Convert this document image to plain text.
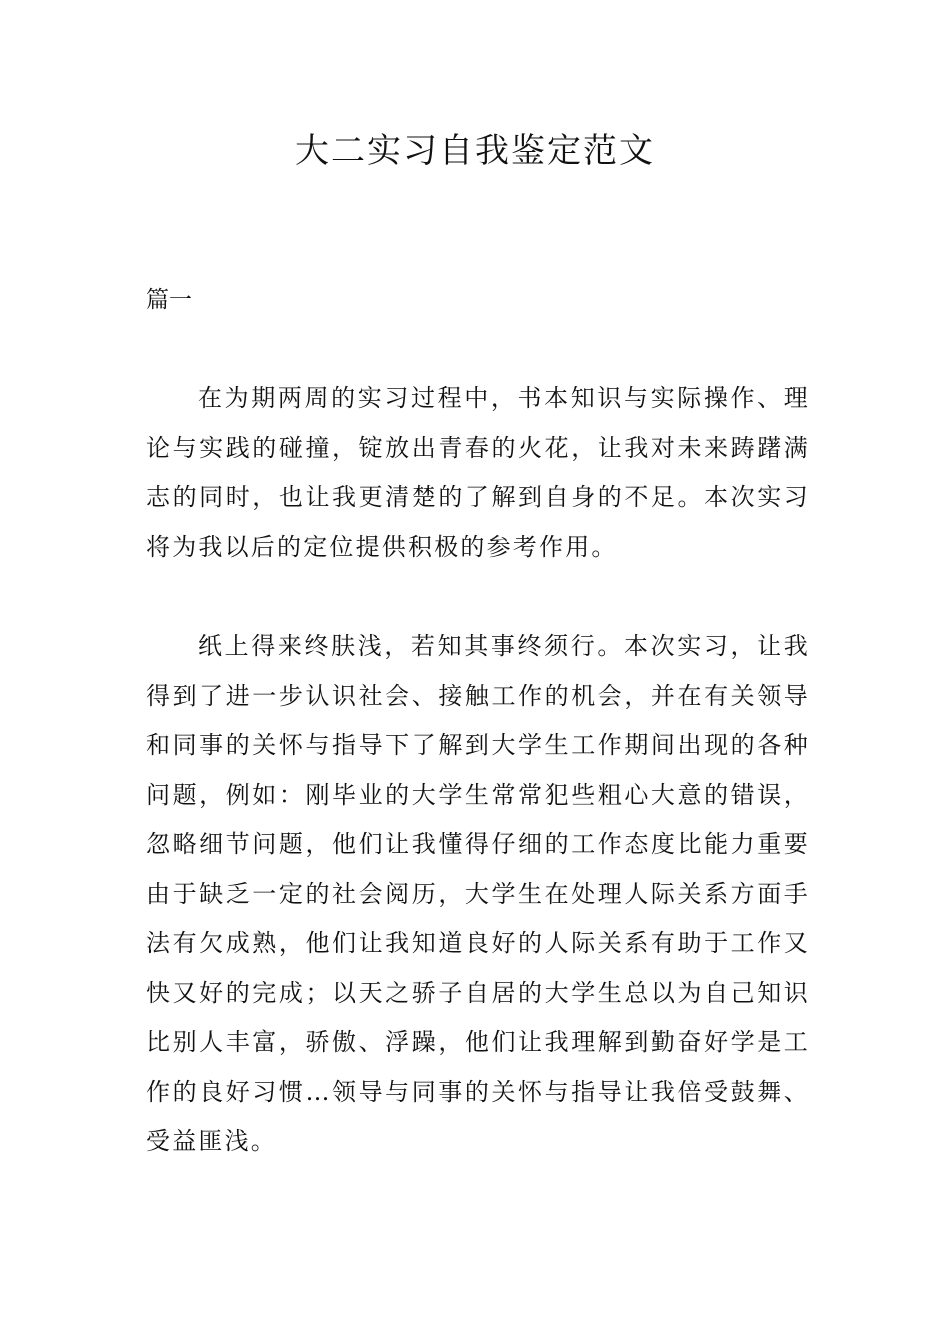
大二实习自我鉴定范文

篇一

在为期两周的实习过程中，书本知识与实际操作、理论与实践的碰撞，锭放出青春的火花，让我对未来踌躇满志的同时，也让我更清楚的了解到自身的不足。本次实习将为我以后的定位提供积极的参考作用。

纸上得来终肤浅，若知其事终须行。本次实习，让我得到了进一步认识社会、接触工作的机会，并在有关领导和同事的关怀与指导下了解到大学生工作期间出现的各种问题，例如：刚毕业的大学生常常犯些粗心大意的错误，忽略细节问题，他们让我懂得仔细的工作态度比能力重要由于缺乏一定的社会阅历，大学生在处理人际关系方面手法有欠成熟，他们让我知道良好的人际关系有助于工作又快又好的完成；以天之骄子自居的大学生总以为自己知识比别人丰富，骄傲、浮躁，他们让我理解到勤奋好学是工作的良好习惯…领导与同事的关怀与指导让我倍受鼓舞、受益匪浅。
